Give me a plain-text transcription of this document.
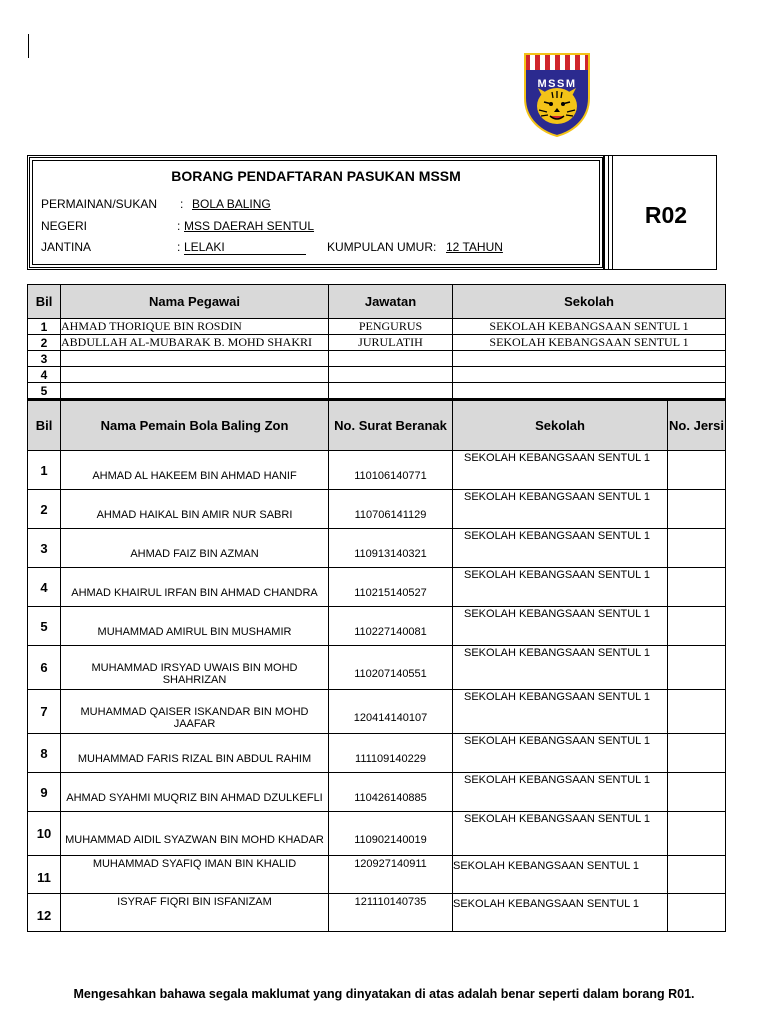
MSSM
BORANG PENDAFTARAN PASUKAN MSSM
PERMAINAN/SUKAN : BOLA BALING
NEGERI	: MSS DAERAH SENTUL
JANTINA	: LELAKI	KUMPULAN UMUR: 12 TAHUN
R02
Bil	Nama Pegawai	Jawatan	Sekolah	
1	AHMAD THORIQUE BIN ROSDIN	PENGURUS	SEKOLAH KEBANGSAAN SENTUL 1	
2	ABDULLAH AL-MUBARAK B. MOHD SHAKRI	JURULATIH	SEKOLAH KEBANGSAAN SENTUL 1	
3				
4				
5				
Bil	Nama Pemain Bola Baling Zon	No. Surat Beranak	Sekolah	No. Jersi
1	AHMAD AL HAKEEM BIN AHMAD HANIF	110106140771	SEKOLAH KEBANGSAAN SENTUL 1	
2	AHMAD HAIKAL BIN AMIR NUR SABRI	110706141129	SEKOLAH KEBANGSAAN SENTUL 1	
3	AHMAD FAIZ BIN AZMAN	110913140321	SEKOLAH KEBANGSAAN SENTUL 1	
4	AHMAD KHAIRUL IRFAN BIN AHMAD CHANDRA	110215140527	SEKOLAH KEBANGSAAN SENTUL 1	
5	MUHAMMAD AMIRUL BIN MUSHAMIR	110227140081	SEKOLAH KEBANGSAAN SENTUL 1	
6	MUHAMMAD IRSYAD UWAIS BIN MOHD SHAHRIZAN	110207140551	SEKOLAH KEBANGSAAN SENTUL 1	
7	MUHAMMAD QAISER ISKANDAR BIN MOHD JAAFAR	120414140107	SEKOLAH KEBANGSAAN SENTUL 1	
8	MUHAMMAD FARIS RIZAL BIN ABDUL RAHIM	111109140229	SEKOLAH KEBANGSAAN SENTUL 1	
9	AHMAD SYAHMI MUQRIZ BIN AHMAD DZULKEFLI	110426140885	SEKOLAH KEBANGSAAN SENTUL 1	
10	MUHAMMAD AIDIL SYAZWAN BIN MOHD KHADAR	110902140019	SEKOLAH KEBANGSAAN SENTUL 1	
11	MUHAMMAD SYAFIQ IMAN BIN KHALID	120927140911	SEKOLAH KEBANGSAAN SENTUL 1	
12	ISYRAF FIQRI BIN ISFANIZAM	121110140735	SEKOLAH KEBANGSAAN SENTUL 1	
Mengesahkan bahawa segala maklumat yang dinyatakan di atas adalah benar seperti dalam borang R01.
